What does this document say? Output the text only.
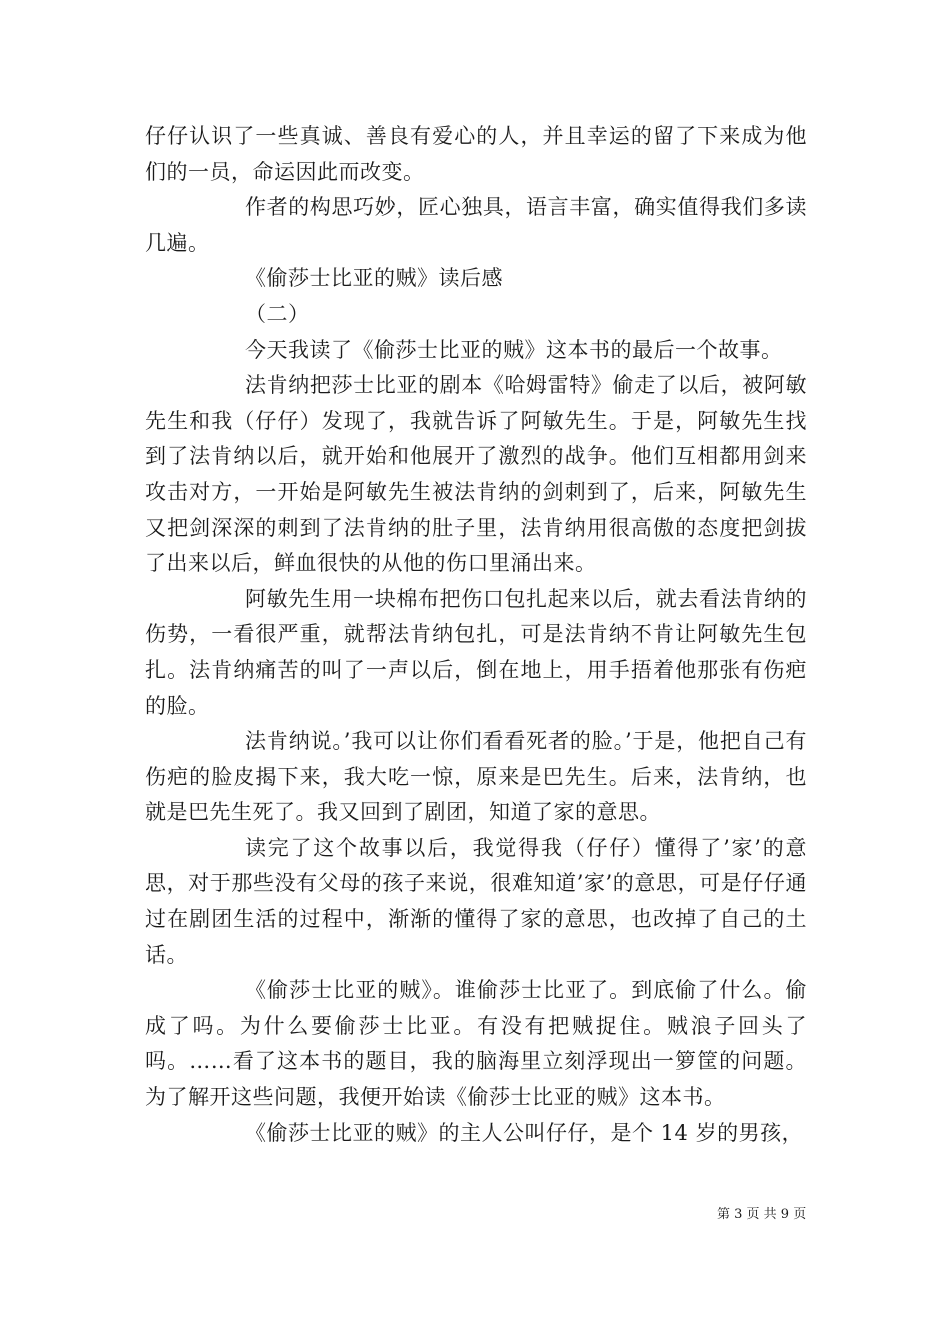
仔仔认识了一些真诚、善良有爱心的人，并且幸运的留了下来成为他们的一员，命运因此而改变。

作者的构思巧妙，匠心独具，语言丰富，确实值得我们多读几遍。

《偷莎士比亚的贼》读后感

（二）

今天我读了《偷莎士比亚的贼》这本书的最后一个故事。

法肯纳把莎士比亚的剧本《哈姆雷特》偷走了以后，被阿敏先生和我（仔仔）发现了，我就告诉了阿敏先生。于是，阿敏先生找到了法肯纳以后，就开始和他展开了激烈的战争。他们互相都用剑来攻击对方，一开始是阿敏先生被法肯纳的剑刺到了，后来，阿敏先生又把剑深深的刺到了法肯纳的肚子里，法肯纳用很高傲的态度把剑拔了出来以后，鲜血很快的从他的伤口里涌出来。

阿敏先生用一块棉布把伤口包扎起来以后，就去看法肯纳的伤势，一看很严重，就帮法肯纳包扎，可是法肯纳不肯让阿敏先生包扎。法肯纳痛苦的叫了一声以后，倒在地上，用手捂着他那张有伤疤的脸。

法肯纳说。’我可以让你们看看死者的脸。’于是，他把自己有伤疤的脸皮揭下来，我大吃一惊，原来是巴先生。后来，法肯纳，也就是巴先生死了。我又回到了剧团，知道了家的意思。

读完了这个故事以后，我觉得我（仔仔）懂得了’家’的意思，对于那些没有父母的孩子来说，很难知道’家’的意思，可是仔仔通过在剧团生活的过程中，渐渐的懂得了家的意思，也改掉了自己的土话。

《偷莎士比亚的贼》。谁偷莎士比亚了。到底偷了什么。偷成了吗。为什么要偷莎士比亚。有没有把贼捉住。贼浪子回头了吗。……看了这本书的题目，我的脑海里立刻浮现出一箩筐的问题。为了解开这些问题，我便开始读《偷莎士比亚的贼》这本书。

《偷莎士比亚的贼》的主人公叫仔仔，是个 14 岁的男孩，

第 3 页 共 9 页
